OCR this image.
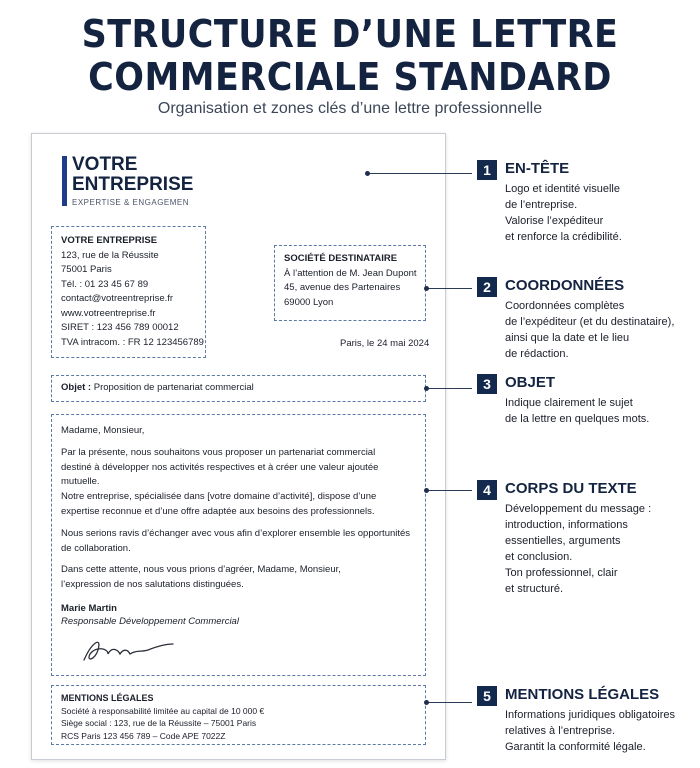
STRUCTURE D’UNE LETTRE
COMMERCIALE STANDARD
Organisation et zones clés d’une lettre professionnelle
VOTRE
ENTREPRISE
EXPERTISE & ENGAGEMEN
VOTRE ENTREPRISE
123, rue de la Réussite
75001 Paris
Tél. : 01 23 45 67 89
contact@votreentreprise.fr
www.votreentreprise.fr
SIRET : 123 456 789 00012
TVA intracom. : FR 12 123456789
SOCIÉTÉ DESTINATAIRE
À l’attention de M. Jean Dupont
45, avenue des Partenaires
69000 Lyon
Paris, le 24 mai 2024
Objet : Proposition de partenariat commercial
Madame, Monsieur,
Par la présente, nous souhaitons vous proposer un partenariat commercial
destiné à développer nos activités respectives et à créer une valeur ajoutée
mutuelle.
Notre entreprise, spécialisée dans [votre domaine d’activité], dispose d’une
expertise reconnue et d’une offre adaptée aux besoins des professionnels.
Nous serions ravis d’échanger avec vous afin d’explorer ensemble les opportunités
de collaboration.
Dans cette attente, nous vous prions d’agréer, Madame, Monsieur,
l’expression de nos salutations distinguées.
Marie Martin
Responsable Développement Commercial
MENTIONS LÉGALES
Société à responsabilité limitée au capital de 10 000 €
Siège social : 123, rue de la Réussite – 75001 Paris
RCS Paris 123 456 789 – Code APE 7022Z
1 EN-TÊTE
Logo et identité visuelle
de l’entreprise.
Valorise l’expéditeur
et renforce la crédibilité.
2 COORDONNÉES
Coordonnées complètes
de l’expéditeur (et du destinataire),
ainsi que la date et le lieu
de rédaction.
3 OBJET
Indique clairement le sujet
de la lettre en quelques mots.
4 CORPS DU TEXTE
Développement du message :
introduction, informations
essentielles, arguments
et conclusion.
Ton professionnel, clair
et structuré.
5 MENTIONS LÉGALES
Informations juridiques obligatoires
relatives à l’entreprise.
Garantit la conformité légale.
